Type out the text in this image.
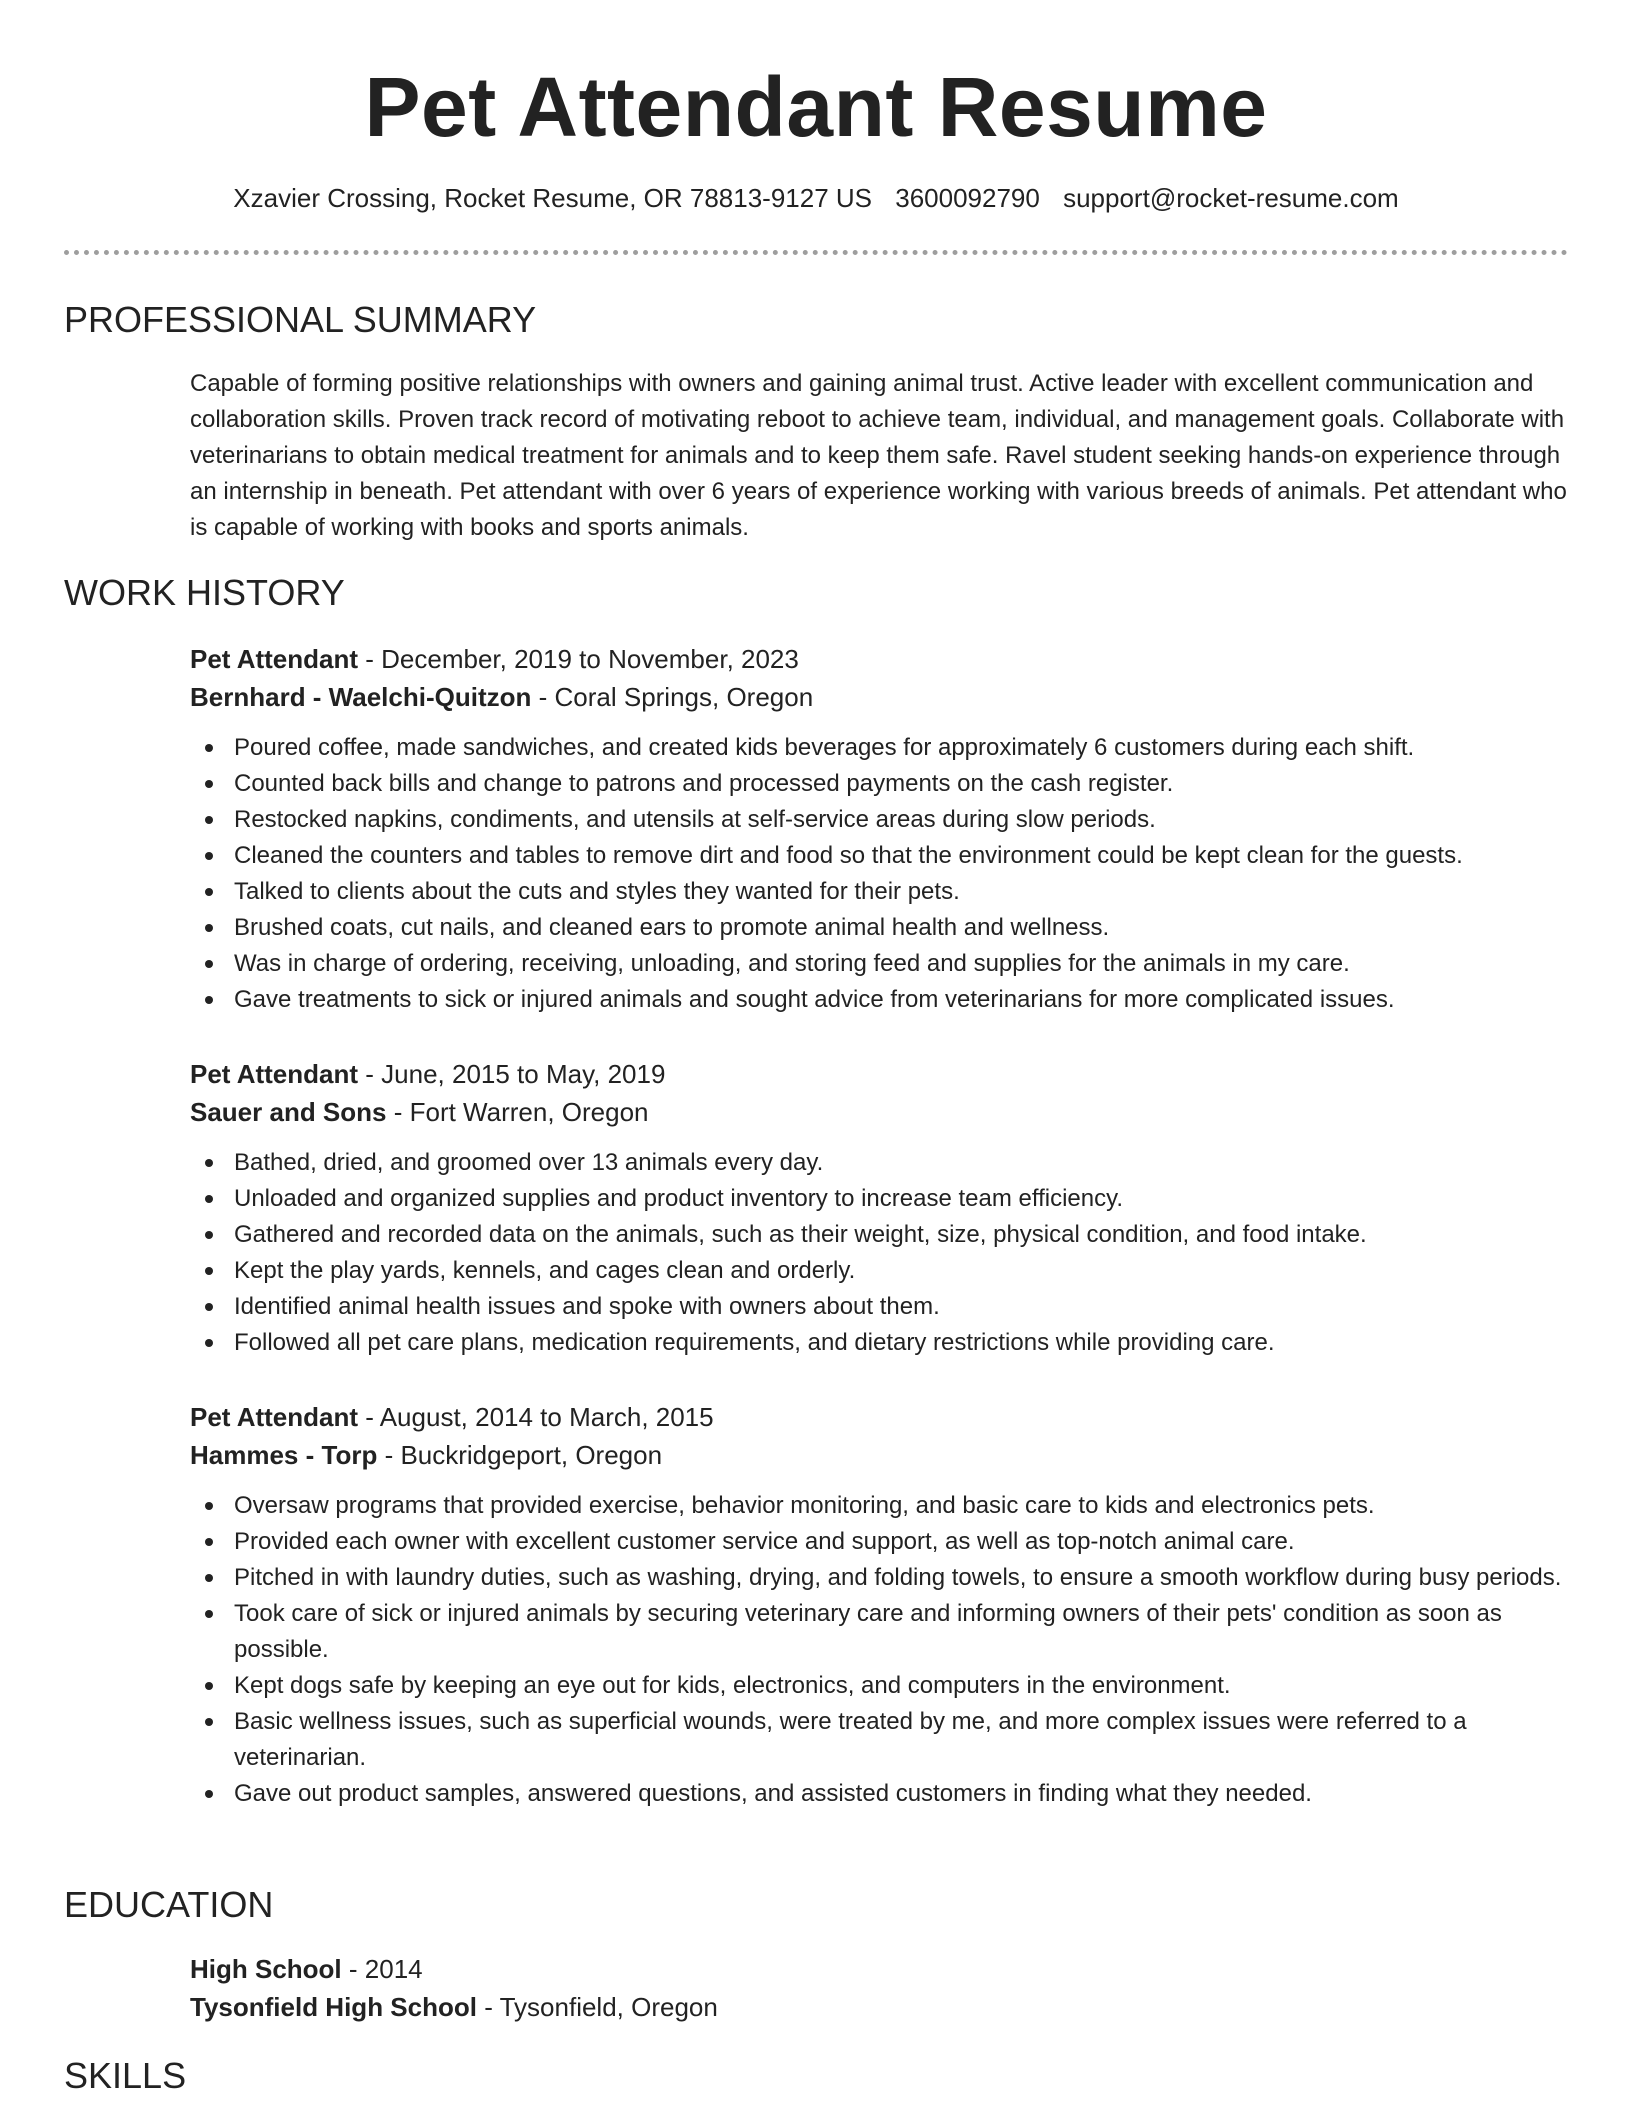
Pet Attendant Resume
Xzavier Crossing, Rocket Resume, OR 78813-9127 US 3600092790 support@rocket-resume.com
PROFESSIONAL SUMMARY

Capable of forming positive relationships with owners and gaining animal trust. Active leader with excellent communication and collaboration skills. Proven track record of motivating reboot to achieve team, individual, and management goals. Collaborate with veterinarians to obtain medical treatment for animals and to keep them safe. Ravel student seeking hands-on experience through an internship in beneath. Pet attendant with over 6 years of experience working with various breeds of animals. Pet attendant who is capable of working with books and sports animals.

WORK HISTORY
Pet Attendant - December, 2019 to November, 2023
Bernhard - Waelchi-Quitzon - Coral Springs, Oregon
Poured coffee, made sandwiches, and created kids beverages for approximately 6 customers during each shift.
Counted back bills and change to patrons and processed payments on the cash register.
Restocked napkins, condiments, and utensils at self-service areas during slow periods.
Cleaned the counters and tables to remove dirt and food so that the environment could be kept clean for the guests.
Talked to clients about the cuts and styles they wanted for their pets.
Brushed coats, cut nails, and cleaned ears to promote animal health and wellness.
Was in charge of ordering, receiving, unloading, and storing feed and supplies for the animals in my care.
Gave treatments to sick or injured animals and sought advice from veterinarians for more complicated issues.
Pet Attendant - June, 2015 to May, 2019
Sauer and Sons - Fort Warren, Oregon
Bathed, dried, and groomed over 13 animals every day.
Unloaded and organized supplies and product inventory to increase team efficiency.
Gathered and recorded data on the animals, such as their weight, size, physical condition, and food intake.
Kept the play yards, kennels, and cages clean and orderly.
Identified animal health issues and spoke with owners about them.
Followed all pet care plans, medication requirements, and dietary restrictions while providing care.
Pet Attendant - August, 2014 to March, 2015
Hammes - Torp - Buckridgeport, Oregon
Oversaw programs that provided exercise, behavior monitoring, and basic care to kids and electronics pets.
Provided each owner with excellent customer service and support, as well as top-notch animal care.
Pitched in with laundry duties, such as washing, drying, and folding towels, to ensure a smooth workflow during busy periods.
Took care of sick or injured animals by securing veterinary care and informing owners of their pets' condition as soon as possible.
Kept dogs safe by keeping an eye out for kids, electronics, and computers in the environment.
Basic wellness issues, such as superficial wounds, were treated by me, and more complex issues were referred to a veterinarian.
Gave out product samples, answered questions, and assisted customers in finding what they needed.
EDUCATION
High School - 2014
Tysonfield High School - Tysonfield, Oregon
SKILLS
